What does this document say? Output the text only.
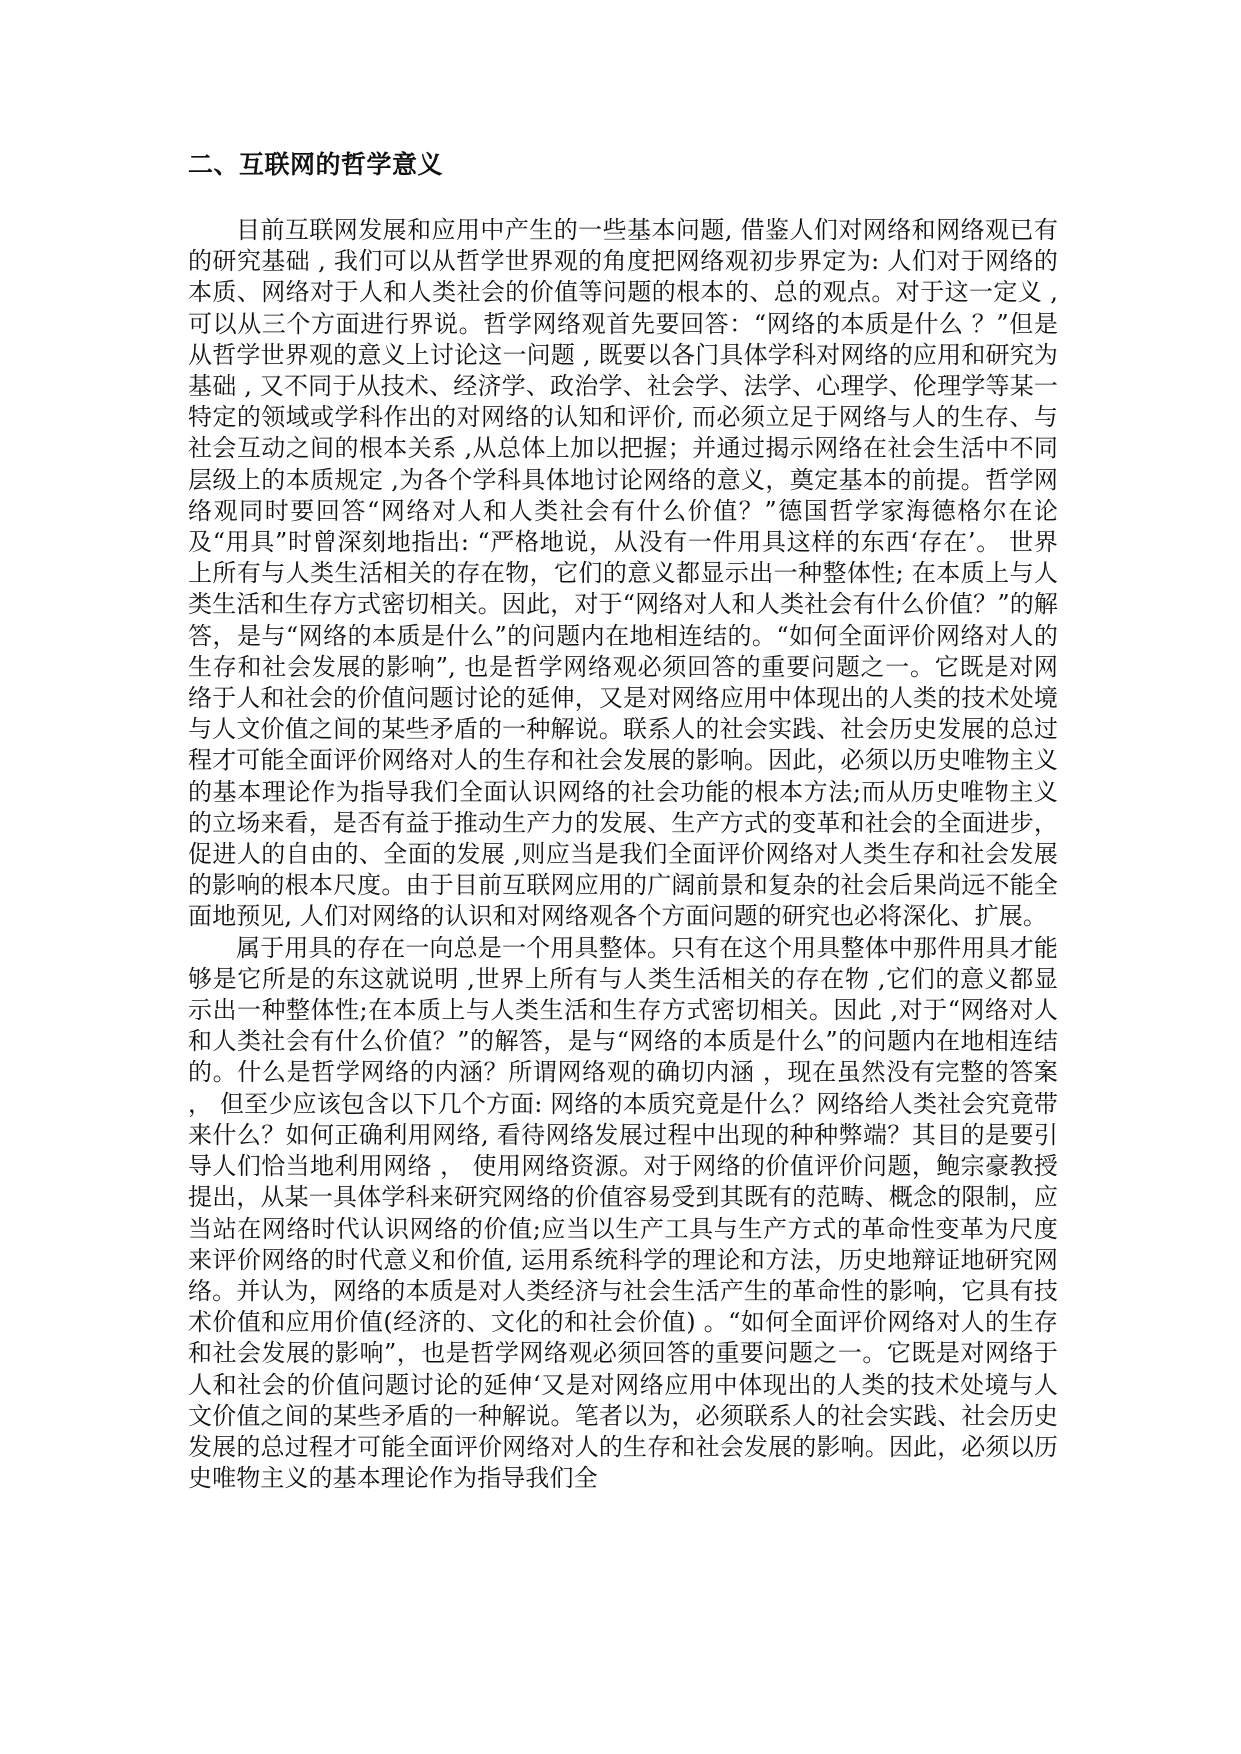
二、互联网的哲学意义

目前互联网发展和应用中产生的一些基本问题, 借鉴人们对网络和网络观已有的研究基础 , 我们可以从哲学世界观的角度把网络观初步界定为: 人们对于网络的本质、网络对于人和人类社会的价值等问题的根本的、总的观点。对于这一定义 , 可以从三个方面进行界说。哲学网络观首先要回答：“网络的本质是什么 ？”但是从哲学世界观的意义上讨论这一问题 , 既要以各门具体学科对网络的应用和研究为基础 , 又不同于从技术、经济学、政治学、社会学、法学、心理学、伦理学等某一特定的领域或学科作出的对网络的认知和评价, 而必须立足于网络与人的生存、与社会互动之间的根本关系 ,从总体上加以把握；并通过揭示网络在社会生活中不同层级上的本质规定 ,为各个学科具体地讨论网络的意义，奠定基本的前提。哲学网络观同时要回答“网络对人和人类社会有什么价值？”德国哲学家海德格尔在论及“用具”时曾深刻地指出: “严格地说，从没有一件用具这样的东西‘存在’。 世界上所有与人类生活相关的存在物，它们的意义都显示出一种整体性; 在本质上与人类生活和生存方式密切相关。因此，对于“网络对人和人类社会有什么价值？”的解答，是与“网络的本质是什么”的问题内在地相连结的。“如何全面评价网络对人的生存和社会发展的影响”, 也是哲学网络观必须回答的重要问题之一。它既是对网络于人和社会的价值问题讨论的延伸，又是对网络应用中体现出的人类的技术处境与人文价值之间的某些矛盾的一种解说。联系人的社会实践、社会历史发展的总过程才可能全面评价网络对人的生存和社会发展的影响。因此，必须以历史唯物主义的基本理论作为指导我们全面认识网络的社会功能的根本方法;而从历史唯物主义的立场来看，是否有益于推动生产力的发展、生产方式的变革和社会的全面进步，促进人的自由的、全面的发展 ,则应当是我们全面评价网络对人类生存和社会发展的影响的根本尺度。由于目前互联网应用的广阔前景和复杂的社会后果尚远不能全面地预见, 人们对网络的认识和对网络观各个方面问题的研究也必将深化、扩展。

属于用具的存在一向总是一个用具整体。只有在这个用具整体中那件用具才能够是它所是的东这就说明 ,世界上所有与人类生活相关的存在物 ,它们的意义都显示出一种整体性;在本质上与人类生活和生存方式密切相关。因此 ,对于“网络对人和人类社会有什么价值？”的解答，是与“网络的本质是什么”的问题内在地相连结的。什么是哲学网络的内涵？所谓网络观的确切内涵 ，现在虽然没有完整的答案 ， 但至少应该包含以下几个方面: 网络的本质究竟是什么？网络给人类社会究竟带来什么？如何正确利用网络, 看待网络发展过程中出现的种种弊端？其目的是要引导人们恰当地利用网络 ， 使用网络资源。对于网络的价值评价问题，鲍宗豪教授提出，从某一具体学科来研究网络的价值容易受到其既有的范畴、概念的限制，应当站在网络时代认识网络的价值;应当以生产工具与生产方式的革命性变革为尺度来评价网络的时代意义和价值, 运用系统科学的理论和方法，历史地辩证地研究网络。并认为，网络的本质是对人类经济与社会生活产生的革命性的影响，它具有技术价值和应用价值(经济的、文化的和社会价值) 。“如何全面评价网络对人的生存和社会发展的影响”，也是哲学网络观必须回答的重要问题之一。它既是对网络于人和社会的价值问题讨论的延伸‘又是对网络应用中体现出的人类的技术处境与人文价值之间的某些矛盾的一种解说。笔者以为，必须联系人的社会实践、社会历史发展的总过程才可能全面评价网络对人的生存和社会发展的影响。因此，必须以历史唯物主义的基本理论作为指导我们全
